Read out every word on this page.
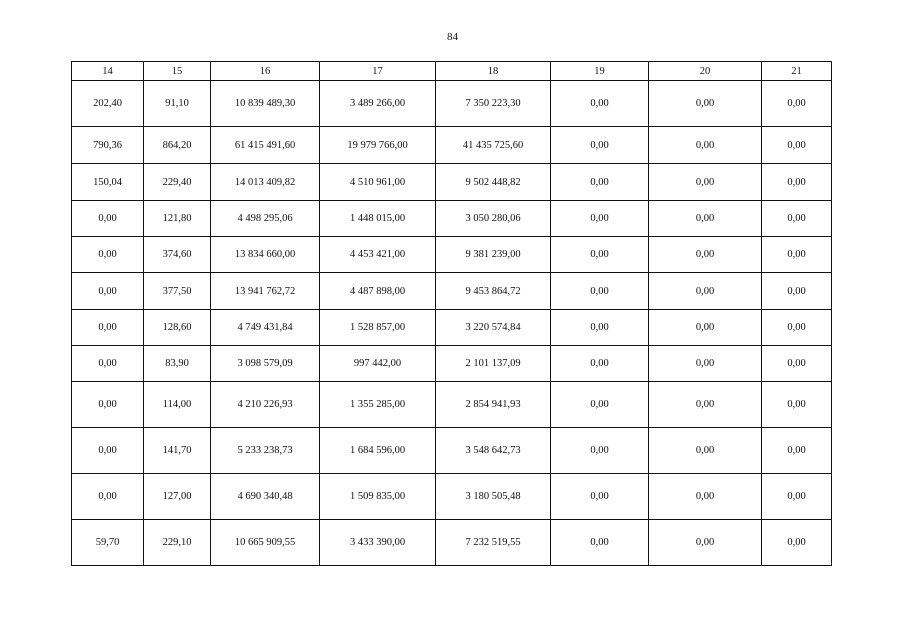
84
14	15	16	17	18	19	20	21
202,40	91,10	10 839 489,30	3 489 266,00	7 350 223,30	0,00	0,00	0,00
790,36	864,20	61 415 491,60	19 979 766,00	41 435 725,60	0,00	0,00	0,00
150,04	229,40	14 013 409,82	4 510 961,00	9 502 448,82	0,00	0,00	0,00
0,00	121,80	4 498 295,06	1 448 015,00	3 050 280,06	0,00	0,00	0,00
0,00	374,60	13 834 660,00	4 453 421,00	9 381 239,00	0,00	0,00	0,00
0,00	377,50	13 941 762,72	4 487 898,00	9 453 864,72	0,00	0,00	0,00
0,00	128,60	4 749 431,84	1 528 857,00	3 220 574,84	0,00	0,00	0,00
0,00	83,90	3 098 579,09	997 442,00	2 101 137,09	0,00	0,00	0,00
0,00	114,00	4 210 226,93	1 355 285,00	2 854 941,93	0,00	0,00	0,00
0,00	141,70	5 233 238,73	1 684 596,00	3 548 642,73	0,00	0,00	0,00
0,00	127,00	4 690 340,48	1 509 835,00	3 180 505,48	0,00	0,00	0,00
59,70	229,10	10 665 909,55	3 433 390,00	7 232 519,55	0,00	0,00	0,00
